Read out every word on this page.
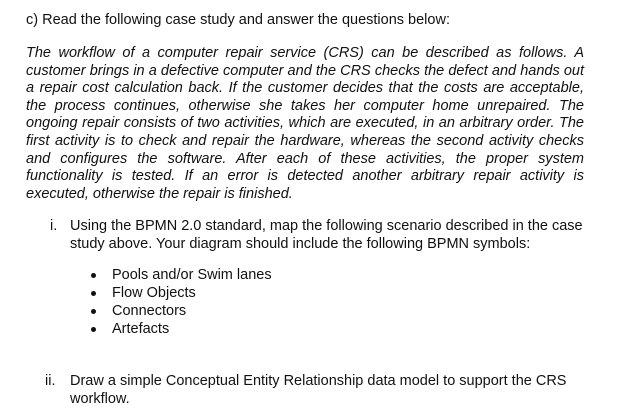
c) Read the following case study and answer the questions below:

The workflow of a computer repair service (CRS) can be described as follows. A customer brings in a defective computer and the CRS checks the defect and hands out a repair cost calculation back. If the customer decides that the costs are acceptable, the process continues, otherwise she takes her computer home unrepaired. The ongoing repair consists of two activities, which are executed, in an arbitrary order. The first activity is to check and repair the hardware, whereas the second activity checks and configures the software. After each of these activities, the proper system functionality is tested. If an error is detected another arbitrary repair activity is executed, otherwise the repair is finished.

i. Using the BPMN 2.0 standard, map the following scenario described in the case study above. Your diagram should include the following BPMN symbols:
Pools and/or Swim lanes
Flow Objects
Connectors
Artefacts
ii.	Draw a simple Conceptual Entity Relationship data model to support the CRS workflow.
